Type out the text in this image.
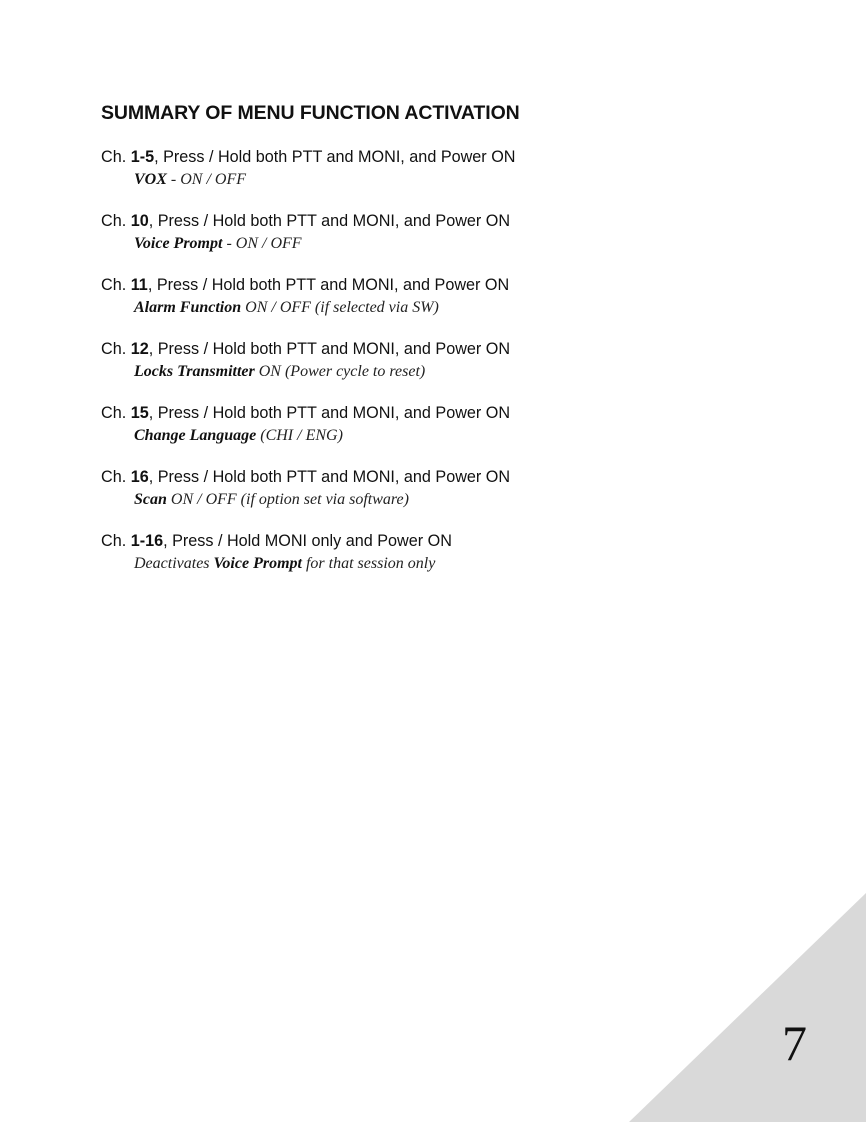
SUMMARY OF MENU FUNCTION ACTIVATION
Ch. 1-5, Press / Hold both PTT and MONI, and Power ON
VOX - ON / OFF
Ch. 10, Press / Hold both PTT and MONI, and Power ON
Voice Prompt - ON / OFF
Ch. 11, Press / Hold both PTT and MONI, and Power ON
Alarm Function ON / OFF (if selected via SW)
Ch. 12, Press / Hold both PTT and MONI, and Power ON
Locks Transmitter ON (Power cycle to reset)
Ch. 15, Press / Hold both PTT and MONI, and Power ON
Change Language (CHI / ENG)
Ch. 16, Press / Hold both PTT and MONI, and Power ON
Scan ON / OFF (if option set via software)
Ch. 1-16, Press / Hold MONI only and Power ON
Deactivates Voice Prompt for that session only
7
